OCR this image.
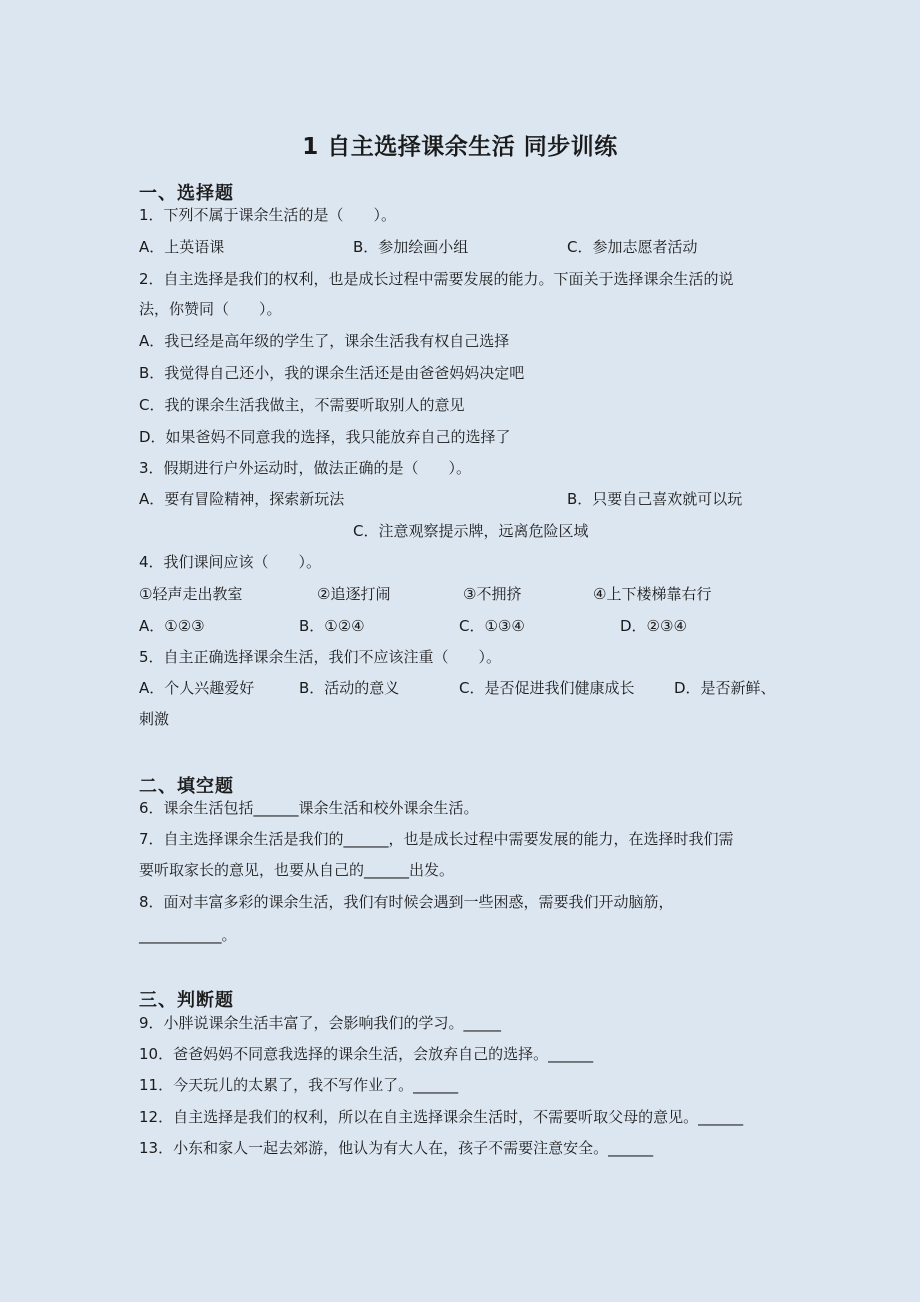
1 自主选择课余生活 同步训练
一、选择题
1．下列不属于课余生活的是（　　）。
A．上英语课	B．参加绘画小组	C．参加志愿者活动
2．自主选择是我们的权利，也是成长过程中需要发展的能力。下面关于选择课余生活的说
法，你赞同（　　）。
A．我已经是高年级的学生了，课余生活我有权自己选择
B．我觉得自己还小，我的课余生活还是由爸爸妈妈决定吧
C．我的课余生活我做主，不需要听取别人的意见
D．如果爸妈不同意我的选择，我只能放弃自己的选择了
3．假期进行户外运动时，做法正确的是（　　）。
A．要有冒险精神，探索新玩法	B．只要自己喜欢就可以玩
C．注意观察提示牌，远离危险区域
4．我们课间应该（　　）。
①轻声走出教室	②追逐打闹	③不拥挤	④上下楼梯靠右行
A．①②③	B．①②④	C．①③④	D．②③④
5．自主正确选择课余生活，我们不应该注重（　　）。
A．个人兴趣爱好	B．活动的意义	C．是否促进我们健康成长	D．是否新鲜、
刺激
二、填空题
6．课余生活包括______课余生活和校外课余生活。
7．自主选择课余生活是我们的______，也是成长过程中需要发展的能力，在选择时我们需
要听取家长的意见，也要从自己的______出发。
8．面对丰富多彩的课余生活，我们有时候会遇到一些困惑，需要我们开动脑筋，
___________。
三、判断题
9．小胖说课余生活丰富了，会影响我们的学习。_____
10．爸爸妈妈不同意我选择的课余生活，会放弃自己的选择。______
11．今天玩儿的太累了，我不写作业了。______
12．自主选择是我们的权利，所以在自主选择课余生活时，不需要听取父母的意见。______
13．小东和家人一起去郊游，他认为有大人在，孩子不需要注意安全。______
